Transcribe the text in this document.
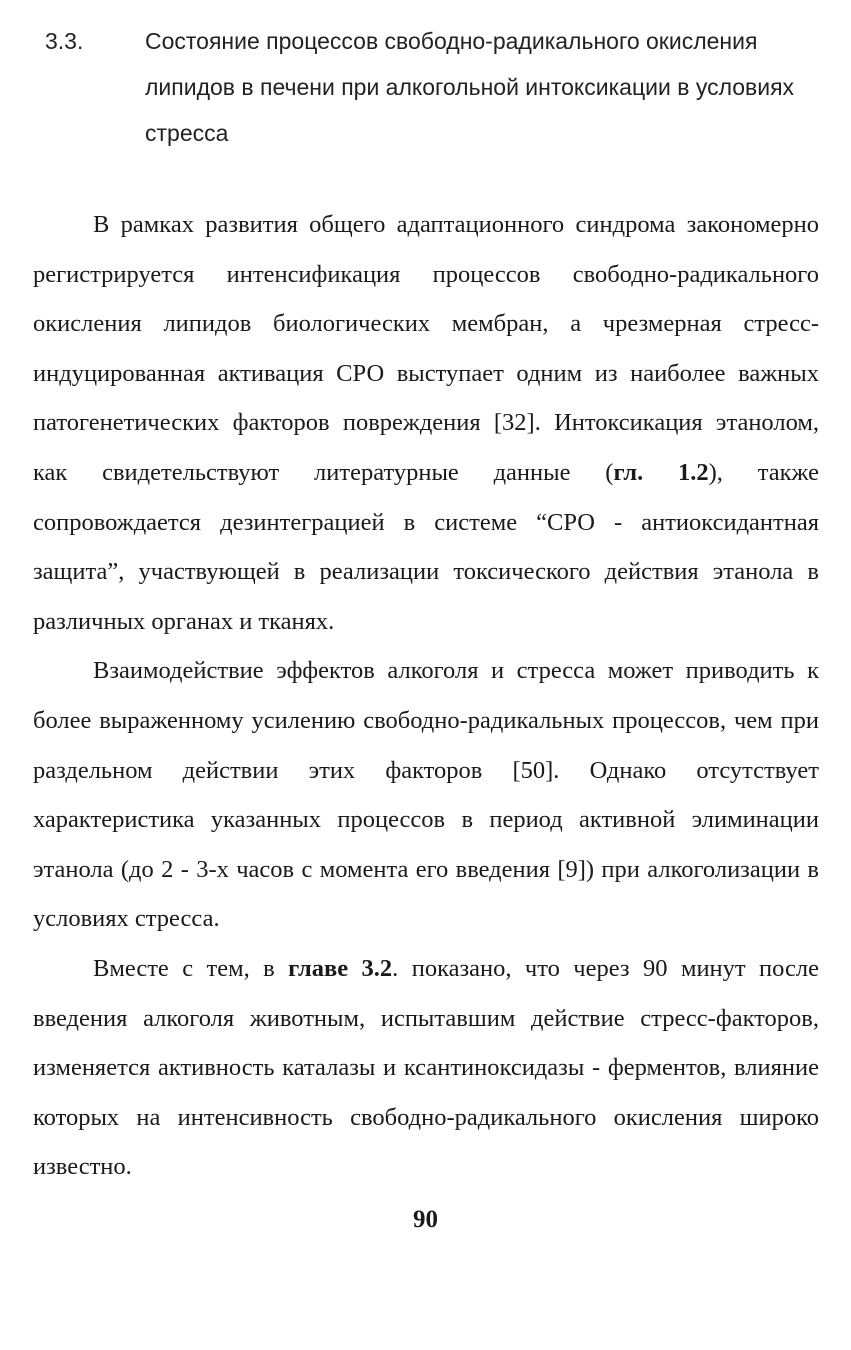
3.3.	Состояние процессов свободно-радикального окисления липидов в печени при алкогольной интоксикации в условиях стресса

В рамках развития общего адаптационного синдрома закономерно регистрируется интенсификация процессов свободно-радикального окисления липидов биологических мембран, а чрезмерная стресс-индуцированная активация СРО выступает одним из наиболее важных патогенетических факторов повреждения [32]. Интоксикация этанолом, как свидетельствуют литературные данные (гл. 1.2), также сопровождается дезинтеграцией в системе “СРО - антиоксидантная защита”, участвующей в реализации токсического действия этанола в различных органах и тканях.

Взаимодействие эффектов алкоголя и стресса может приводить к более выраженному усилению свободно-радикальных процессов, чем при раздельном действии этих факторов [50]. Однако отсутствует характеристика указанных процессов в период активной элиминации этанола (до 2 - 3-х часов с момента его введения [9]) при алкоголизации в условиях стресса.

Вместе с тем, в главе 3.2. показано, что через 90 минут после введения алкоголя животным, испытавшим действие стресс-факторов, изменяется активность каталазы и ксантиноксидазы - ферментов, влияние которых на интенсивность свободно-радикального окисления широко известно.

90
